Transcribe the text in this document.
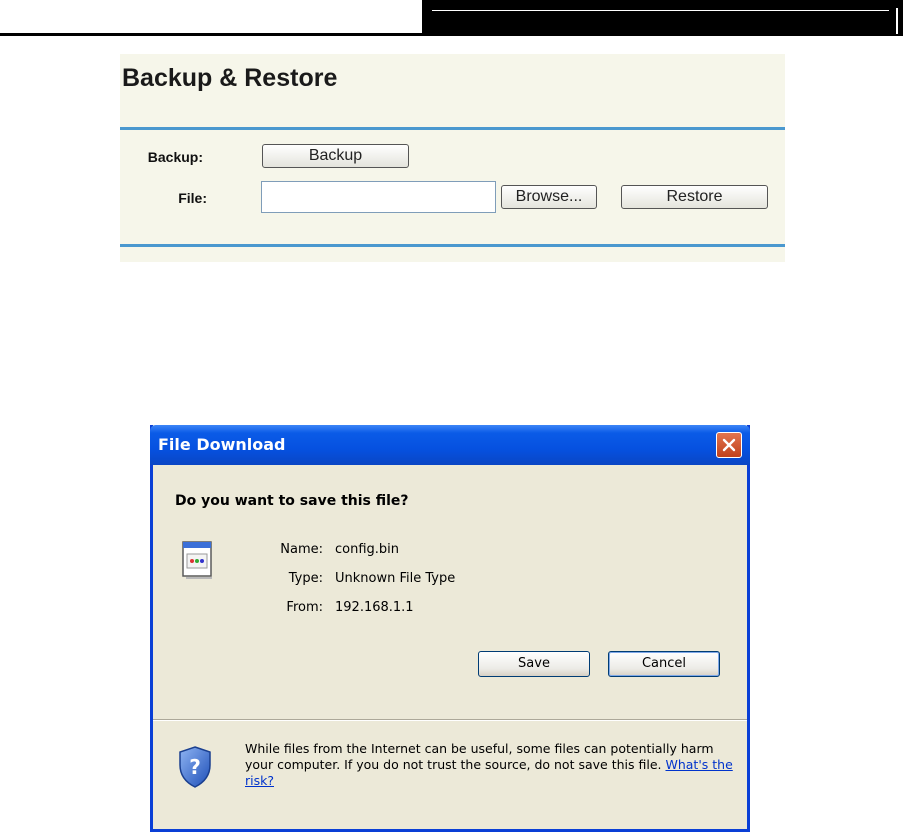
Backup & Restore
Backup:	Backup
File:	Browse...	Restore
File Download
Do you want to save this file?
Name: config.bin
Type: Unknown File Type
From: 192.168.1.1
Save	Cancel
?
While files from the Internet can be useful, some files can potentially harm your computer. If you do not trust the source, do not save this file. What's the risk?
